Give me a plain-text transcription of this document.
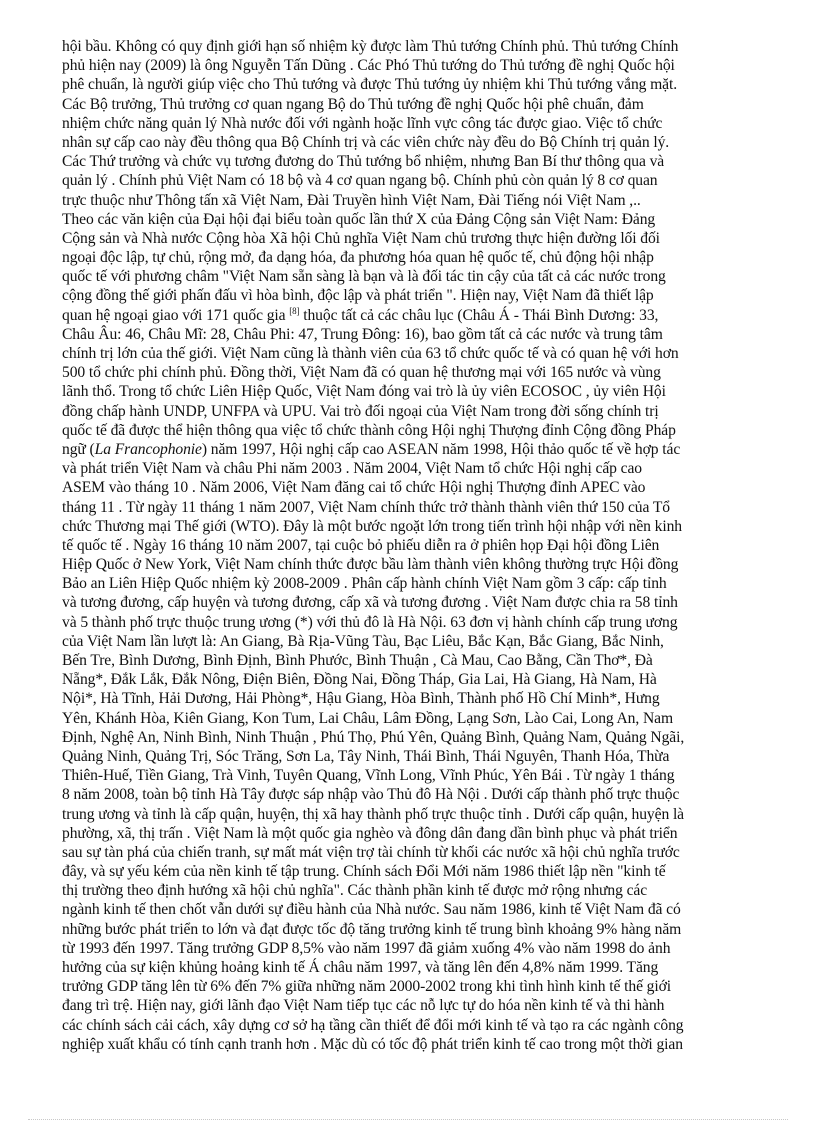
hội bầu. Không có quy định giới hạn số nhiệm kỳ được làm Thủ tướng Chính phủ. Thủ tướng Chính
phủ hiện nay (2009) là ông Nguyễn Tấn Dũng . Các Phó Thủ tướng do Thủ tướng đề nghị Quốc hội
phê chuẩn, là người giúp việc cho Thủ tướng và được Thủ tướng ủy nhiệm khi Thủ tướng vắng mặt.
Các Bộ trưởng, Thủ trưởng cơ quan ngang Bộ do Thủ tướng đề nghị Quốc hội phê chuẩn, đảm
nhiệm chức năng quản lý Nhà nước đối với ngành hoặc lĩnh vực công tác được giao. Việc tổ chức
nhân sự cấp cao này đều thông qua Bộ Chính trị và các viên chức này đều do Bộ Chính trị quản lý.
Các Thứ trưởng và chức vụ tương đương do Thủ tướng bổ nhiệm, nhưng Ban Bí thư thông qua và
quản lý . Chính phủ Việt Nam có 18 bộ và 4 cơ quan ngang bộ. Chính phủ còn quản lý 8 cơ quan
trực thuộc như Thông tấn xã Việt Nam, Đài Truyền hình Việt Nam, Đài Tiếng nói Việt Nam ,..
Theo các văn kiện của Đại hội đại biểu toàn quốc lần thứ X của Đảng Cộng sản Việt Nam: Đảng
Cộng sản và Nhà nước Cộng hòa Xã hội Chủ nghĩa Việt Nam chủ trương thực hiện đường lối đối
ngoại độc lập, tự chủ, rộng mở, đa dạng hóa, đa phương hóa quan hệ quốc tế, chủ động hội nhập
quốc tế với phương châm "Việt Nam sẵn sàng là bạn và là đối tác tin cậy của tất cả các nước trong
cộng đồng thế giới phấn đấu vì hòa bình, độc lập và phát triển ". Hiện nay, Việt Nam đã thiết lập
quan hệ ngoại giao với 171 quốc gia [8] thuộc tất cả các châu lục (Châu Á - Thái Bình Dương: 33,
Châu Âu: 46, Châu Mĩ: 28, Châu Phi: 47, Trung Đông: 16), bao gồm tất cả các nước và trung tâm
chính trị lớn của thế giới. Việt Nam cũng là thành viên của 63 tổ chức quốc tế và có quan hệ với hơn
500 tổ chức phi chính phủ. Đồng thời, Việt Nam đã có quan hệ thương mại với 165 nước và vùng
lãnh thổ. Trong tổ chức Liên Hiệp Quốc, Việt Nam đóng vai trò là ủy viên ECOSOC , ủy viên Hội
đồng chấp hành UNDP, UNFPA và UPU. Vai trò đối ngoại của Việt Nam trong đời sống chính trị
quốc tế đã được thể hiện thông qua việc tổ chức thành công Hội nghị Thượng đỉnh Cộng đồng Pháp
ngữ (La Francophonie) năm 1997, Hội nghị cấp cao ASEAN năm 1998, Hội thảo quốc tế về hợp tác
và phát triển Việt Nam và châu Phi năm 2003 . Năm 2004, Việt Nam tổ chức Hội nghị cấp cao
ASEM vào tháng 10 . Năm 2006, Việt Nam đăng cai tổ chức Hội nghị Thượng đỉnh APEC vào
tháng 11 . Từ ngày 11 tháng 1 năm 2007, Việt Nam chính thức trở thành thành viên thứ 150 của Tổ
chức Thương mại Thế giới (WTO). Đây là một bước ngoặt lớn trong tiến trình hội nhập với nền kinh
tế quốc tế . Ngày 16 tháng 10 năm 2007, tại cuộc bỏ phiếu diễn ra ở phiên họp Đại hội đồng Liên
Hiệp Quốc ở New York, Việt Nam chính thức được bầu làm thành viên không thường trực Hội đồng
Bảo an Liên Hiệp Quốc nhiệm kỳ 2008-2009 . Phân cấp hành chính Việt Nam gồm 3 cấp: cấp tỉnh
và tương đương, cấp huyện và tương đương, cấp xã và tương đương . Việt Nam được chia ra 58 tỉnh
và 5 thành phố trực thuộc trung ương (*) với thủ đô là Hà Nội. 63 đơn vị hành chính cấp trung ương
của Việt Nam lần lượt là: An Giang, Bà Rịa-Vũng Tàu, Bạc Liêu, Bắc Kạn, Bắc Giang, Bắc Ninh,
Bến Tre, Bình Dương, Bình Định, Bình Phước, Bình Thuận , Cà Mau, Cao Bằng, Cần Thơ*, Đà
Nẵng*, Đắk Lắk, Đắk Nông, Điện Biên, Đồng Nai, Đồng Tháp, Gia Lai, Hà Giang, Hà Nam, Hà
Nội*, Hà Tĩnh, Hải Dương, Hải Phòng*, Hậu Giang, Hòa Bình, Thành phố Hồ Chí Minh*, Hưng
Yên, Khánh Hòa, Kiên Giang, Kon Tum, Lai Châu, Lâm Đồng, Lạng Sơn, Lào Cai, Long An, Nam
Định, Nghệ An, Ninh Bình, Ninh Thuận , Phú Thọ, Phú Yên, Quảng Bình, Quảng Nam, Quảng Ngãi,
Quảng Ninh, Quảng Trị, Sóc Trăng, Sơn La, Tây Ninh, Thái Bình, Thái Nguyên, Thanh Hóa, Thừa
Thiên-Huế, Tiền Giang, Trà Vinh, Tuyên Quang, Vĩnh Long, Vĩnh Phúc, Yên Bái . Từ ngày 1 tháng
8 năm 2008, toàn bộ tỉnh Hà Tây được sáp nhập vào Thủ đô Hà Nội . Dưới cấp thành phố trực thuộc
trung ương và tỉnh là cấp quận, huyện, thị xã hay thành phố trực thuộc tỉnh . Dưới cấp quận, huyện là
phường, xã, thị trấn . Việt Nam là một quốc gia nghèo và đông dân đang dần bình phục và phát triển
sau sự tàn phá của chiến tranh, sự mất mát viện trợ tài chính từ khối các nước xã hội chủ nghĩa trước
đây, và sự yếu kém của nền kinh tế tập trung. Chính sách Đổi Mới năm 1986 thiết lập nền "kinh tế
thị trường theo định hướng xã hội chủ nghĩa". Các thành phần kinh tế được mở rộng nhưng các
ngành kinh tế then chốt vẫn dưới sự điều hành của Nhà nước. Sau năm 1986, kinh tế Việt Nam đã có
những bước phát triển to lớn và đạt được tốc độ tăng trưởng kinh tế trung bình khoảng 9% hàng năm
từ 1993 đến 1997. Tăng trưởng GDP 8,5% vào năm 1997 đã giảm xuống 4% vào năm 1998 do ảnh
hưởng của sự kiện khủng hoảng kinh tế Á châu năm 1997, và tăng lên đến 4,8% năm 1999. Tăng
trưởng GDP tăng lên từ 6% đến 7% giữa những năm 2000-2002 trong khi tình hình kinh tế thế giới
đang trì trệ. Hiện nay, giới lãnh đạo Việt Nam tiếp tục các nỗ lực tự do hóa nền kinh tế và thi hành
các chính sách cải cách, xây dựng cơ sở hạ tầng cần thiết để đổi mới kinh tế và tạo ra các ngành công
nghiệp xuất khẩu có tính cạnh tranh hơn . Mặc dù có tốc độ phát triển kinh tế cao trong một thời gian
